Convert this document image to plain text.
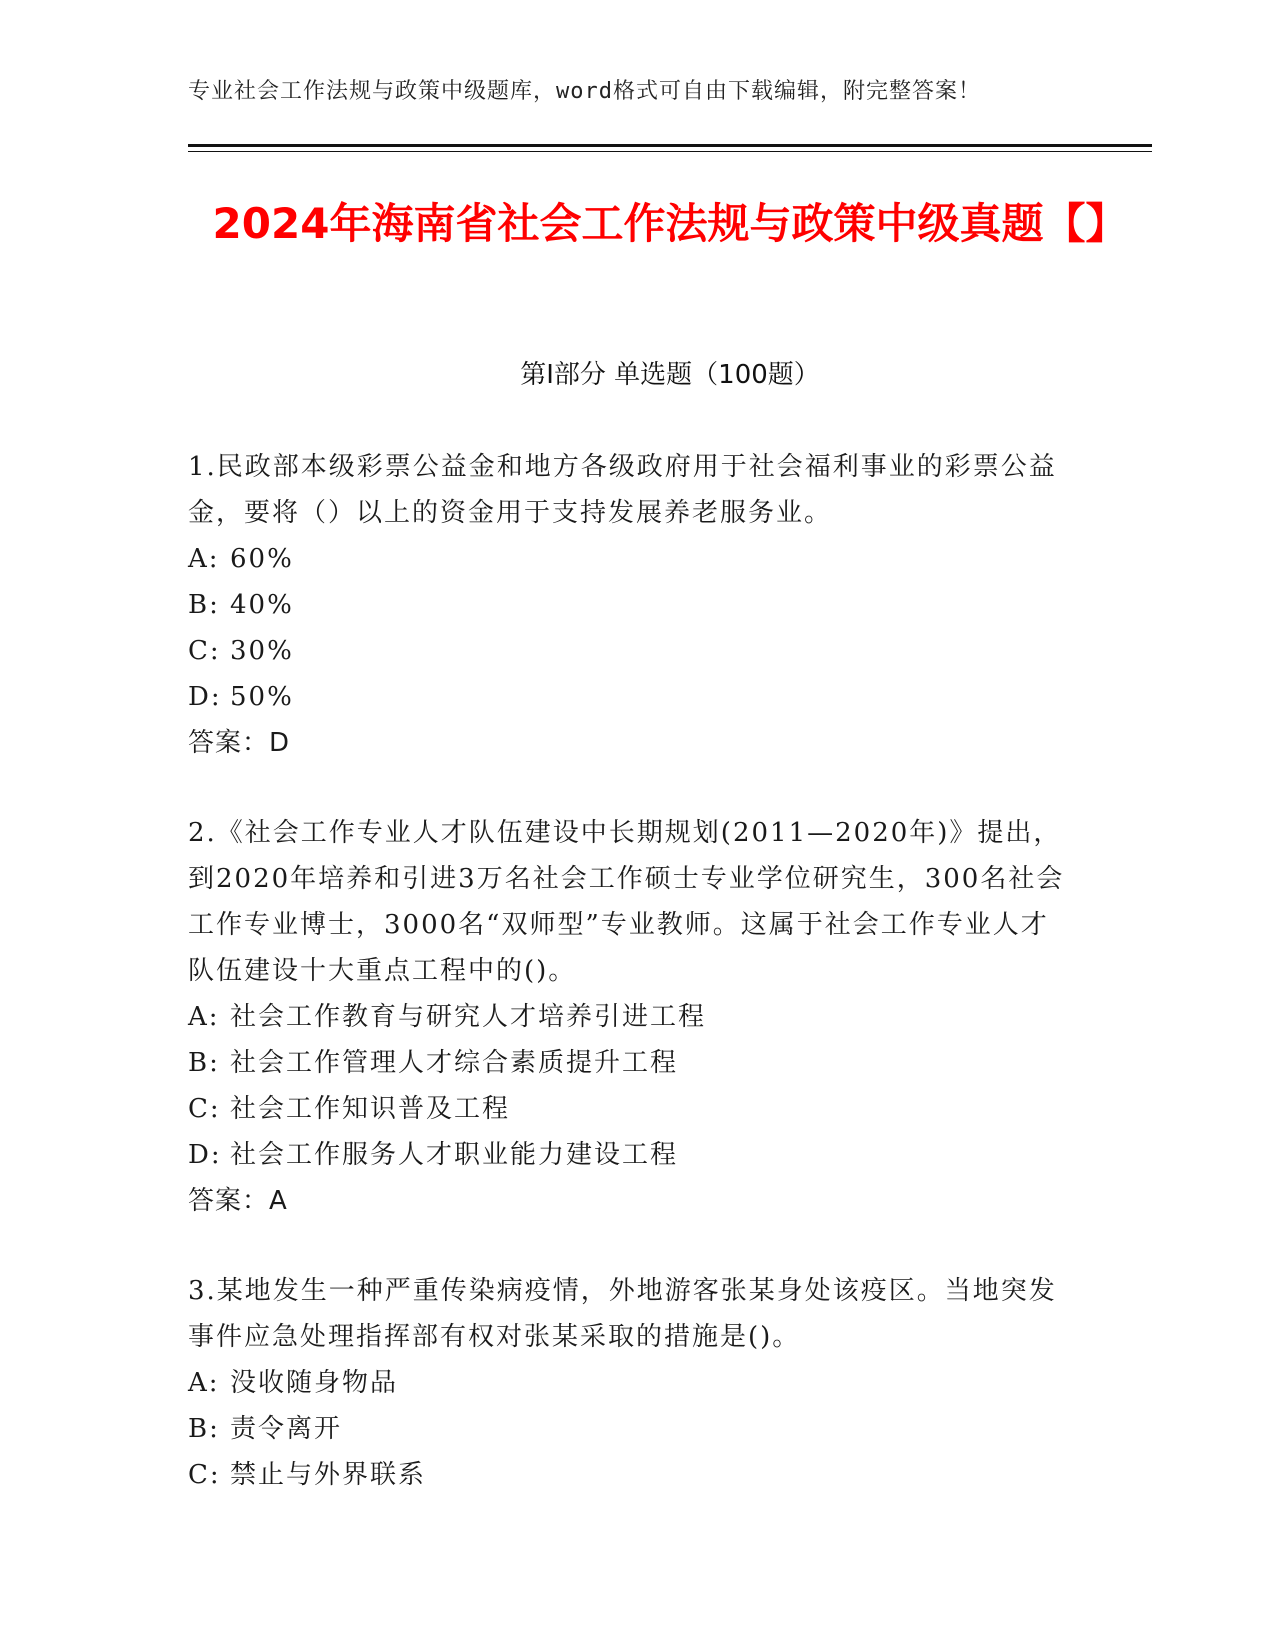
专业社会工作法规与政策中级题库，word格式可自由下载编辑，附完整答案！
2024年海南省社会工作法规与政策中级真题【】
第Ⅰ部分 单选题（100题）

1.民政部本级彩票公益金和地方各级政府用于社会福利事业的彩票公益金，要将（）以上的资金用于支持发展养老服务业。

A: 60%

B: 40%

C: 30%

D: 50%

答案：D

2.《社会工作专业人才队伍建设中长期规划(2011—2020年)》提出，到2020年培养和引进3万名社会工作硕士专业学位研究生，300名社会工作专业博士，3000名“双师型”专业教师。这属于社会工作专业人才队伍建设十大重点工程中的()。

A: 社会工作教育与研究人才培养引进工程

B: 社会工作管理人才综合素质提升工程

C: 社会工作知识普及工程

D: 社会工作服务人才职业能力建设工程

答案：A

3.某地发生一种严重传染病疫情，外地游客张某身处该疫区。当地突发事件应急处理指挥部有权对张某采取的措施是()。

A: 没收随身物品

B: 责令离开

C: 禁止与外界联系
